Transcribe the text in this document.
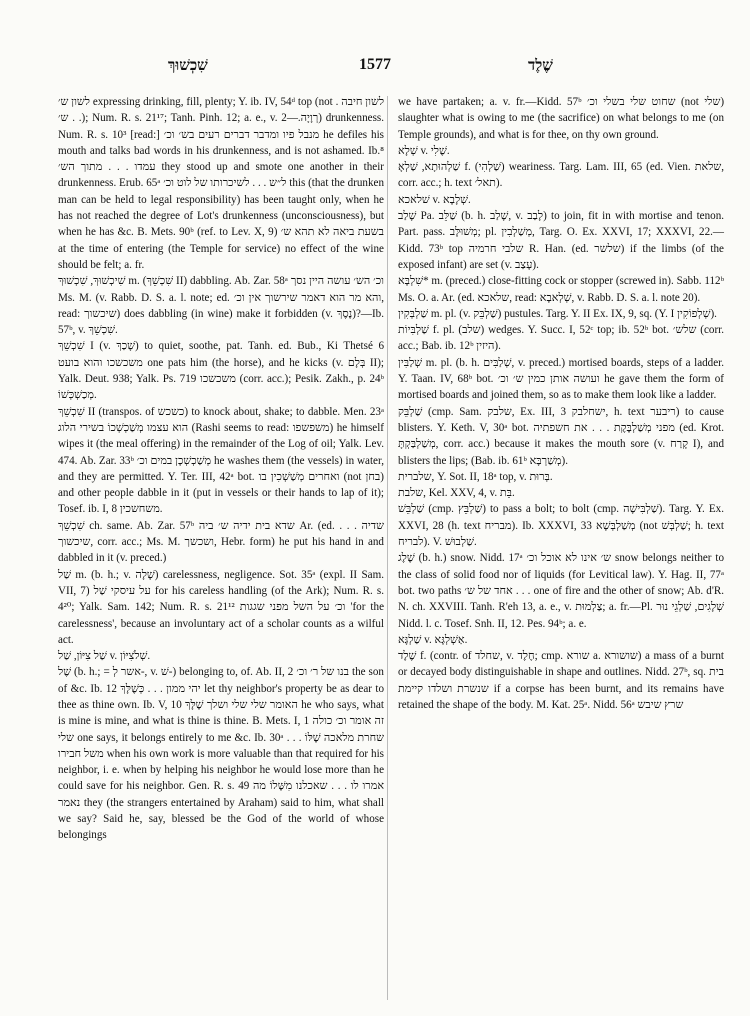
שִׁכְשׁוּךְ	1577	שֶׁלֶד

לשון ש׳ expressing drinking, fill, plenty; Y. ib. IV, 54ᵈ top (not לשון חיבה . . . ש׳); Num. R. s. 21¹⁷; Tanh. Pinh. 12; a. e., v. רְוָיָה.—2) drunkenness. Num. R. s. 10³ [read:] מנבל פיו ומדבר דברים רעים בש׳ וכ׳ he defiles his mouth and talks bad words in his drunkenness, and is not ashamed. Ib.⁸ עמדו . . . מתוך הש׳ they stood up and smote one another in their drunkenness. Erub. 65ᵃ ל״ש . . . לשיכרותו של לוט וכ׳ this (that the drunken man can be held to legal responsibility) has been taught only, when he has not reached the degree of Lot's drunkenness (unconsciousness), but when he has &c. B. Mets. 90ᵇ (ref. to Lev. X, 9) בשעת ביאה לא תהא ש׳ at the time of entering (the Temple for service) no effect of the wine should be felt; a. fr.

שִׁיכְשׁוּךְ, שִׁכְשׁוּךְ m. (שִׁכְשֵׁךְ II) dabbling. Ab. Zar. 58ᵃ וכ׳ הש׳ עושה היין נסך Ms. M. (v. Rabb. D. S. a. l. note; ed. והא מר הוא דאמר שירשוך אין וכ׳, read: שיכשוך) does dabbling (in wine) make it forbidden (v. נֶסֶךְ)?—Ib. 57ᵇ, v. שִׁכְשֵׁךְ.

שִׁכְשֵׁךְ I (v. שָׁכַךְ) to quiet, soothe, pat. Tanh. ed. Bub., Ki Thetsé 6 משכשכו והוא בועט one pats him (the horse), and he kicks (v. בְּלָם II); Yalk. Deut. 938; Yalk. Ps. 719 משכשכו (corr. acc.); Pesik. Zakh., p. 24ᵇ מְכַשְׁכְּשׁוֹ.

שִׁכְשֵׁךְ II (transpos. of כשכש) to knock about, shake; to dabble. Men. 23ᵃ הוא עצמו מְשַׁכְשְׁכוֹ בשירי הלוג (Rashi seems to read: משפשפו) he himself wipes it (the meal offering) in the remainder of the Log of oil; Yalk. Lev. 474. Ab. Zar. 33ᵇ מְשַׁכְשְׁכָן במים וכ׳ he washes them (the vessels) in water, and they are permitted. Y. Ter. III, 42ᵃ bot. ואחרים מְשַׁשְׁכִין בו (not בחן) and other people dabble in it (put in vessels or their hands to lap of it); Tosef. ib. I, 8 משחשכין.

שִׁכְשֵׁךְ ch. same. Ab. Zar. 57ᵇ שדא בית ידיה ש׳ ביה Ar. (ed. שדיה . . . שיכשוך, corr. acc.; Ms. M. ושכשך, Hebr. form) he put his hand in and dabbled in it (v. preced.)

שַׁל m. (b. h.; v. שָׁלָה) carelessness, negligence. Sot. 35ᵃ (expl. II Sam. VII, 7) על עיסקי שַׁל for his careless handling (of the Ark); Num. R. s. 4²⁰; Yalk. Sam. 142; Num. R. s. 21¹² וכ׳ על השל מפני שגגות 'for the carelessness', because an involuntary act of a scholar counts as a wilful act.

שַׁל צִיּוֹן, שַׁל v. שְׁלֹצִיּוֹן.

שֶׁל (b. h.; = אשר לְ-, v. שׁ-) belonging to, of. Ab. II, 2 בנו של ר׳ וכ׳ the son of &c. Ib. 12 יהי ממון . . . כְּשֶׁלָּךְ let thy neighbor's property be as dear to thee as thine own. Ib. V, 10 האומר שלי שלי ושלך שֶׁלָּךְ he who says, what is mine is mine, and what is thine is thine. B. Mets. I, 1 זה אומר וכ׳ כולה שלי one says, it belongs entirely to me &c. Ib. 30ᵃ שחרת מלאכה שֶׁלּוֹ . . . משל חבירו when his own work is more valuable than that required for his neighbor, i. e. when by helping his neighbor he would lose more than he could save for his neighbor. Gen. R. s. 49 אמרו לו . . . שאכלנו מִשֶּׁלוֹ מה נאמר they (the strangers entertained by Araham) said to him, what shall we say? Said he, say, blessed be the God of the world of whose belongings

we have partaken; a. v. fr.—Kidd. 57ᵇ שחוט שלי בשלי וכ׳ (not שלי) slaughter what is owing to me (the sacrifice) on what belongs to me (on Temple grounds), and what is for thee, on thy own ground.

שְׁלָא v. שֶׁלִי.

שַׁלְהוּתָא, שַׁלְאָ f. (שַׁלְהִי) weariness. Targ. Lam. III, 65 (ed. Vien. שלאת, corr. acc.; h. text תאל׳).

שׁלאכא v. שְׁלָבָא.

שָׁלַב Pa. שַׁלֵּב (b. h. שָׁלַב, v. לָבַב) to join, fit in with mortise and tenon. Part. pass. מְשׁוּלָּב; pl. מְשַׁלְבִין, Targ. O. Ex. XXVI, 17; XXXVI, 22.—Kidd. 73ᵇ top שלבי חרמיה R. Han. (ed. שלשר) if the limbs (of the exposed infant) are set (v. עָצַב).

שִׁלְבָּא* m. (preced.) close-fitting cock or stopper (screwed in). Sabb. 112ᵇ Ms. O. a. Ar. (ed. שלאכא, read: שְׁלְאבָא, v. Rabb. D. S. a. l. note 20).

שַׁלְבְּקִין m. pl. (v. שַׁלְבֵּק) pustules. Targ. Y. II Ex. IX, 9, sq. (Y. I שְׁלְפוֹקִין).

שַׁלְבִּיוֹת f. pl. (שלב) wedges. Y. Succ. I, 52ᶜ top; ib. 52ᵇ bot. שלש׳ (corr. acc.; Bab. ib. 12ᵇ היזין).

שְׁלַבִּין m. pl. (b. h. שְׁלַבִּים, v. preced.) mortised boards, steps of a ladder. Y. Taan. IV, 68ᵇ bot. ועושה אותן כמין ש׳ וכ׳ he gave them the form of mortised boards and joined them, so as to make them look like a ladder.

שַׁלְבֵּק (cmp. Sam. שלבק, Ex. III, 3 ישחלבק, h. text ריבער) to cause blisters. Y. Keth. V, 30ᵃ bot. מפני מְשַׁלְבֶּקֶת . . . את חשפתיה (ed. Krot. מְשַׁלְבַּקְתָּ, corr. acc.) because it makes the mouth sore (v. קָרַח I), and blisters the lips; (Bab. ib. 61ᵇ מְשַׁרְבָּא).

שלברית, Y. Sot. II, 18ᵃ top, v. בְּרוּת.

שלבת, Kel. XXV, 4, v. בֵּת.

שַׁלְבֵּשׁ (cmp. שַׁלְבֵּץ) to pass a bolt; to bolt (cmp. שַׁלְבִּישָׁה). Targ. Y. Ex. XXVI, 28 (h. text מבריח). Ib. XXXVI, 33 מְשַׁלְבְּשָׁא (not שַׁלְבְּשׁ; h. text לבריח). V. שַׁלְבוּשׁ.

שֶׁלֶג (b. h.) snow. Nidd. 17ᵃ ש׳ אינו לא אוכל וכ׳ snow belongs neither to the class of solid food nor of liquids (for Levitical law). Y. Hag. II, 77ᵃ bot. two paths אחד של ש׳ . . . one of fire and the other of snow; Ab. d'R. N. ch. XXVIII. Tanh. R'eh 13, a. e., v. צַלְמוּת; a. fr.—Pl. שְׁלָגִים, שַׁלְגֵי נוּר Nidd. l. c. Tosef. Snh. II, 12. Pes. 94ᵇ; a. e.

שַׁלְגָּא v. אַשְׁלְגָּא.

שֶׁלֶד f. (contr. of שחלד, v. חֶלֶד; cmp. שורא a. שושורא) a mass of a burnt or decayed body distinguishable in shape and outlines. Nidd. 27ᵇ, sq. בית שנשרת ושלדו קיימת if a corpse has been burnt, and its remains have retained the shape of the body. M. Kat. 25ᵃ. Nidd. 56ᵃ שרץ שיבש
